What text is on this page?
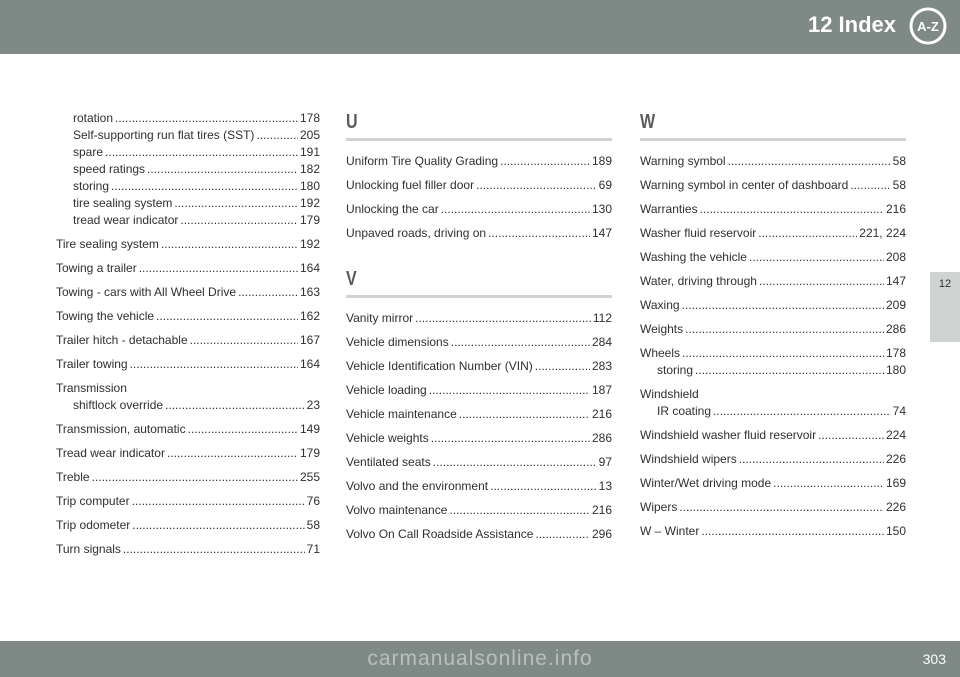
12 Index A-Z
12
rotation .....	178
Self-supporting run flat tires (SST) .....	205
spare .....	191
speed ratings .....	182
storing .....	180
tire sealing system .....	192
tread wear indicator .....	179
Tire sealing system .....	192
Towing a trailer .....	164
Towing - cars with All Wheel Drive .....	163
Towing the vehicle .....	162
Trailer hitch - detachable .....	167
Trailer towing .....	164
Transmission
shiftlock override .....	23
Transmission, automatic .....	149
Tread wear indicator .....	179
Treble .....	255
Trip computer .....	76
Trip odometer .....	58
Turn signals .....	71
U
Uniform Tire Quality Grading .....	189
Unlocking fuel filler door .....	69
Unlocking the car .....	130
Unpaved roads, driving on .....	147
V
Vanity mirror .....	112
Vehicle dimensions .....	284
Vehicle Identification Number (VIN) .....	283
Vehicle loading .....	187
Vehicle maintenance .....	216
Vehicle weights .....	286
Ventilated seats .....	97
Volvo and the environment .....	13
Volvo maintenance .....	216
Volvo On Call Roadside Assistance .....	296
W
Warning symbol .....	58
Warning symbol in center of dashboard .....	58
Warranties .....	216
Washer fluid reservoir .....	221, 224
Washing the vehicle .....	208
Water, driving through .....	147
Waxing .....	209
Weights .....	286
Wheels .....	178
storing .....	180
Windshield
IR coating .....	74
Windshield washer fluid reservoir .....	224
Windshield wipers .....	226
Winter/Wet driving mode .....	169
Wipers .....	226
W – Winter .....	150
303
carmanualsonline.info
